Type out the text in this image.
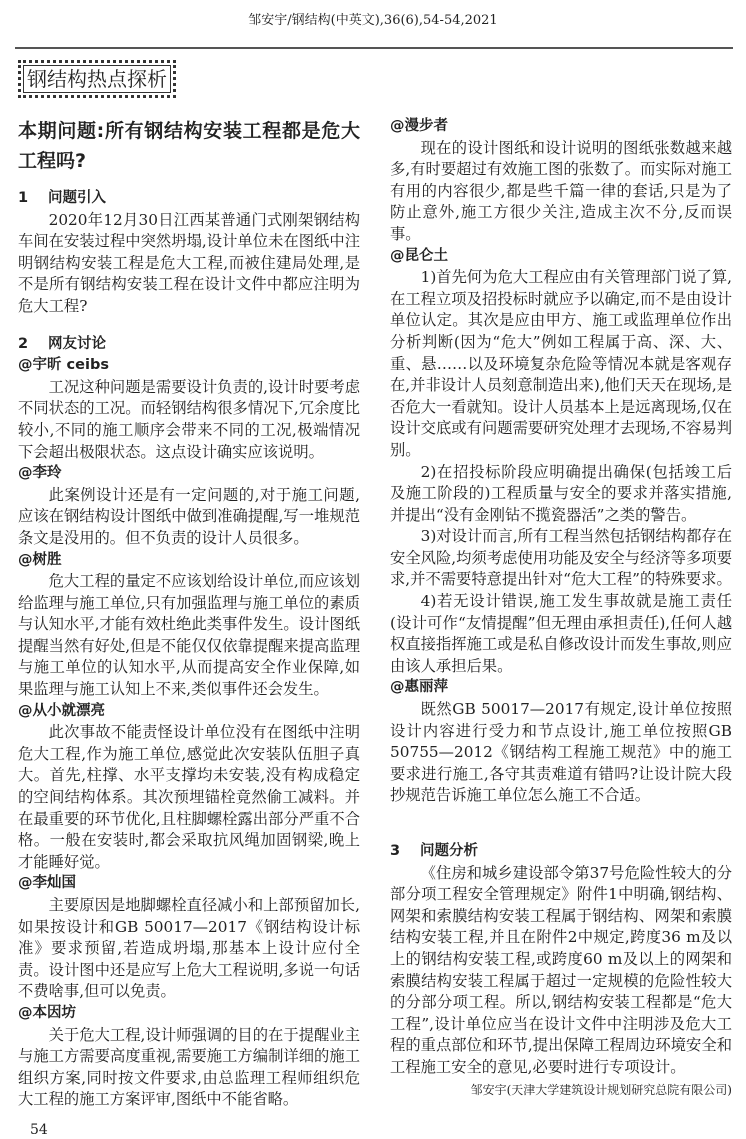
邹安宇/钢结构(中英文),36(6),54-54,2021
钢结构热点探析
本期问题:所有钢结构安装工程都是危大工程吗?
1 问题引入

2020年12月30日江西某普通门式刚架钢结构车间在安装过程中突然坍塌,设计单位未在图纸中注明钢结构安装工程是危大工程,而被住建局处理,是不是所有钢结构安装工程在设计文件中都应注明为危大工程?

2 网友讨论
@宇昕 ceibs

工况这种问题是需要设计负责的,设计时要考虑不同状态的工况。而轻钢结构很多情况下,冗余度比较小,不同的施工顺序会带来不同的工况,极端情况下会超出极限状态。这点设计确实应该说明。

@李玲

此案例设计还是有一定问题的,对于施工问题,应该在钢结构设计图纸中做到准确提醒,写一堆规范条文是没用的。但不负责的设计人员很多。

@树胜

危大工程的量定不应该划给设计单位,而应该划给监理与施工单位,只有加强监理与施工单位的素质与认知水平,才能有效杜绝此类事件发生。设计图纸提醒当然有好处,但是不能仅仅依靠提醒来提高监理与施工单位的认知水平,从而提高安全作业保障,如果监理与施工认知上不来,类似事件还会发生。

@从小就漂亮

此次事故不能责怪设计单位没有在图纸中注明危大工程,作为施工单位,感觉此次安装队伍胆子真大。首先,柱撑、水平支撑均未安装,没有构成稳定的空间结构体系。其次预埋锚栓竟然偷工减料。并在最重要的环节优化,且柱脚螺栓露出部分严重不合格。一般在安装时,都会采取抗风绳加固钢梁,晚上才能睡好觉。

@李灿国

主要原因是地脚螺栓直径减小和上部预留加长,如果按设计和GB 50017—2017《钢结构设计标准》要求预留,若造成坍塌,那基本上设计应付全责。设计图中还是应写上危大工程说明,多说一句话不费啥事,但可以免责。

@本因坊

关于危大工程,设计师强调的目的在于提醒业主与施工方需要高度重视,需要施工方编制详细的施工组织方案,同时按文件要求,由总监理工程师组织危大工程的施工方案评审,图纸中不能省略。

54
@漫步者

现在的设计图纸和设计说明的图纸张数越来越多,有时要超过有效施工图的张数了。而实际对施工有用的内容很少,都是些千篇一律的套话,只是为了防止意外,施工方很少关注,造成主次不分,反而误事。

@昆仑土

1)首先何为危大工程应由有关管理部门说了算,在工程立项及招投标时就应予以确定,而不是由设计单位认定。其次是应由甲方、施工或监理单位作出分析判断(因为“危大”例如工程属于高、深、大、重、悬……以及环境复杂危险等情况本就是客观存在,并非设计人员刻意制造出来),他们天天在现场,是否危大一看就知。设计人员基本上是远离现场,仅在设计交底或有问题需要研究处理才去现场,不容易判别。

2)在招投标阶段应明确提出确保(包括竣工后及施工阶段的)工程质量与安全的要求并落实措施,并提出“没有金刚钻不揽瓷器活”之类的警告。

3)对设计而言,所有工程当然包括钢结构都存在安全风险,均须考虑使用功能及安全与经济等多项要求,并不需要特意提出针对“危大工程”的特殊要求。

4)若无设计错误,施工发生事故就是施工责任(设计可作“友情提醒”但无理由承担责任),任何人越权直接指挥施工或是私自修改设计而发生事故,则应由该人承担后果。

@惠丽萍

既然GB 50017—2017有规定,设计单位按照设计内容进行受力和节点设计,施工单位按照GB 50755—2012《钢结构工程施工规范》中的施工要求进行施工,各守其责难道有错吗?让设计院大段抄规范告诉施工单位怎么施工不合适。

3 问题分析

《住房和城乡建设部令第37号危险性较大的分部分项工程安全管理规定》附件1中明确,钢结构、网架和索膜结构安装工程属于钢结构、网架和索膜结构安装工程,并且在附件2中规定,跨度36 m及以上的钢结构安装工程,或跨度60 m及以上的网架和索膜结构安装工程属于超过一定规模的危险性较大的分部分项工程。所以,钢结构安装工程都是“危大工程”,设计单位应当在设计文件中注明涉及危大工程的重点部位和环节,提出保障工程周边环境安全和工程施工安全的意见,必要时进行专项设计。

邹安宇(天津大学建筑设计规划研究总院有限公司)
